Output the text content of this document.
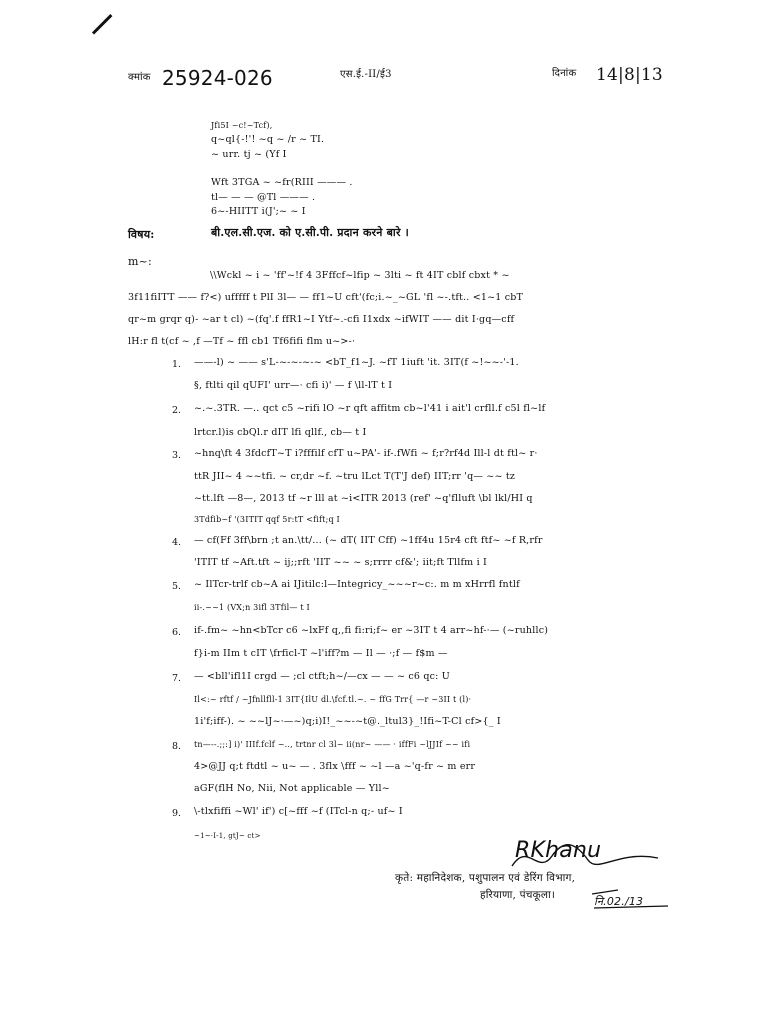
क्मांक 25924-026	एस.ई.-II/ई3	दिनांक 14|8|13
Jfi5I ~c!~Tcf),
q~ql{-!'! ~q ~ /r ~ TI.
~ urr. tj ~ (Yf I
Wft 3TGA ~ ~fr(RIII ——— .
tl— — — @Tl ——— .
6~-HIITT i(J';~ ~ I
विषय:	बी.एल.सी.एज. को ए.सी.पी. प्रदान करने बारे ।
m~:
\\Wckl ~ i ~ 'ff'~!f 4 3Fffcf~lfip ~ 3lti ~ ft 4IT cblf cbxt * ~
3f11fiITT —— f?<) ufffff t PlI 3l— — ff1~U cft'(fc;i.~_~GL 'fl ~-.tft.. <1~1 cbT
qr~m grqr q)- ~ar t cl) ~(fq'.f ffR1~I Ytf~.-cfi I1xdx ~ifWIT —— dit I·gq—cff
lH:r fl t(cf ~ ,f —Tf ~ ffl cb1 Tf6fifi flm u~>-·
1. ——-l) ~ —— s'L-~-~-~-~ <bT_f1~J. ~fT 1iuft 'it. 3IT(f ~!~~-'-1.
§, ftlti qil qUFI' urr—· cfi i)' — f \ll-lT t I
2. ~.~.3TR. —.. qct c5 ~rifi lO ~r qft affitm cb~l'41 i ait'l crfll.f c5l fl~lf
lrtcr.l)is cbQl.r dIT lfi qllf., cb— t I
3. ~hnq\ft 4 3fdcfT~T i?fffilf cfT u~PA'- if-.fWfi ~ f;r?rf4d Ill-l dt ftl~ r·
ttR JII~ 4 ~~tfi. ~ cr,dr ~f. ~tru lLct T(T'J def) IIT;rr 'q— ~~ tz
~tt.lft —8—, 2013 tf ~r lll at ~i<ITR 2013 (ref' ~q'flluft \bl lkl/HI q
3Tdfib~f '(3ITIT qqf 5r:tT <fift;q I
4. — cf(Ff 3ff\brn ;t an.\tt/... (~ dT( IIT Cff) ~1ff4u 15r4 cft ftf~ ~f R,rfr
'ITIT tf ~Aft.tft ~ ij;;rft 'IIT ~~ ~ s;rrrr cf&'; iit;ft Tllfm i I
5. ~ IlTcr-trlf cb~A ai IJitilc:l—Integricy_~~~r~c:. m m xHrrfl fntlf
ii-.~~1 (VX;n 3ifl 3Tfil— t I
6. if-.fm~ ~hn<bTcr c6 ~lxFf q,,fi fi:ri;f~ er ~3IT t 4 arr~hf-·— (~ruhllc)
f}i-m IIm t cIT \frficl-T ~l'iff?m — Il — ·;f — f$m —
7. — <bll'ifl1I crgd — ;cl ctft;h~/—cx — — ~ c6 qc: U
Il<:~ rftf / ~Jfnllfll-1 3IT{IlU dl.\fcf.tl.~. ~ ffG Trr{ —r ~3II t (l)·
1i'f;iff-). ~ ~~lJ~·—~)q;i)I!_~~-~t@._ltul3}_!Ifi~T-Cl cf>{_ I
8. tn—--.;;:] i)' IIIf.fclf ~.., trtnr cl 3l~ ii(nr~ —— · iffFi ~lJJIf ~~ ifi
4>@JJ q;t ftdtl ~ u~ — . 3flx \fff ~ ~l —a ~'q-fr ~ m err
aGF(flH No, Nii, Not applicable — Yll~
9. \-tlxfiffi ~Wl' if') c[~fff ~f (ITcl-n q;- uf~ I
~1~·I-1, gtJ~ ct>
RKhanu
कृते: महानिदेशक, पशुपालन एवं डेरिंग विभाग,
हरियाणा, पंचकूला।	नि.02./13
